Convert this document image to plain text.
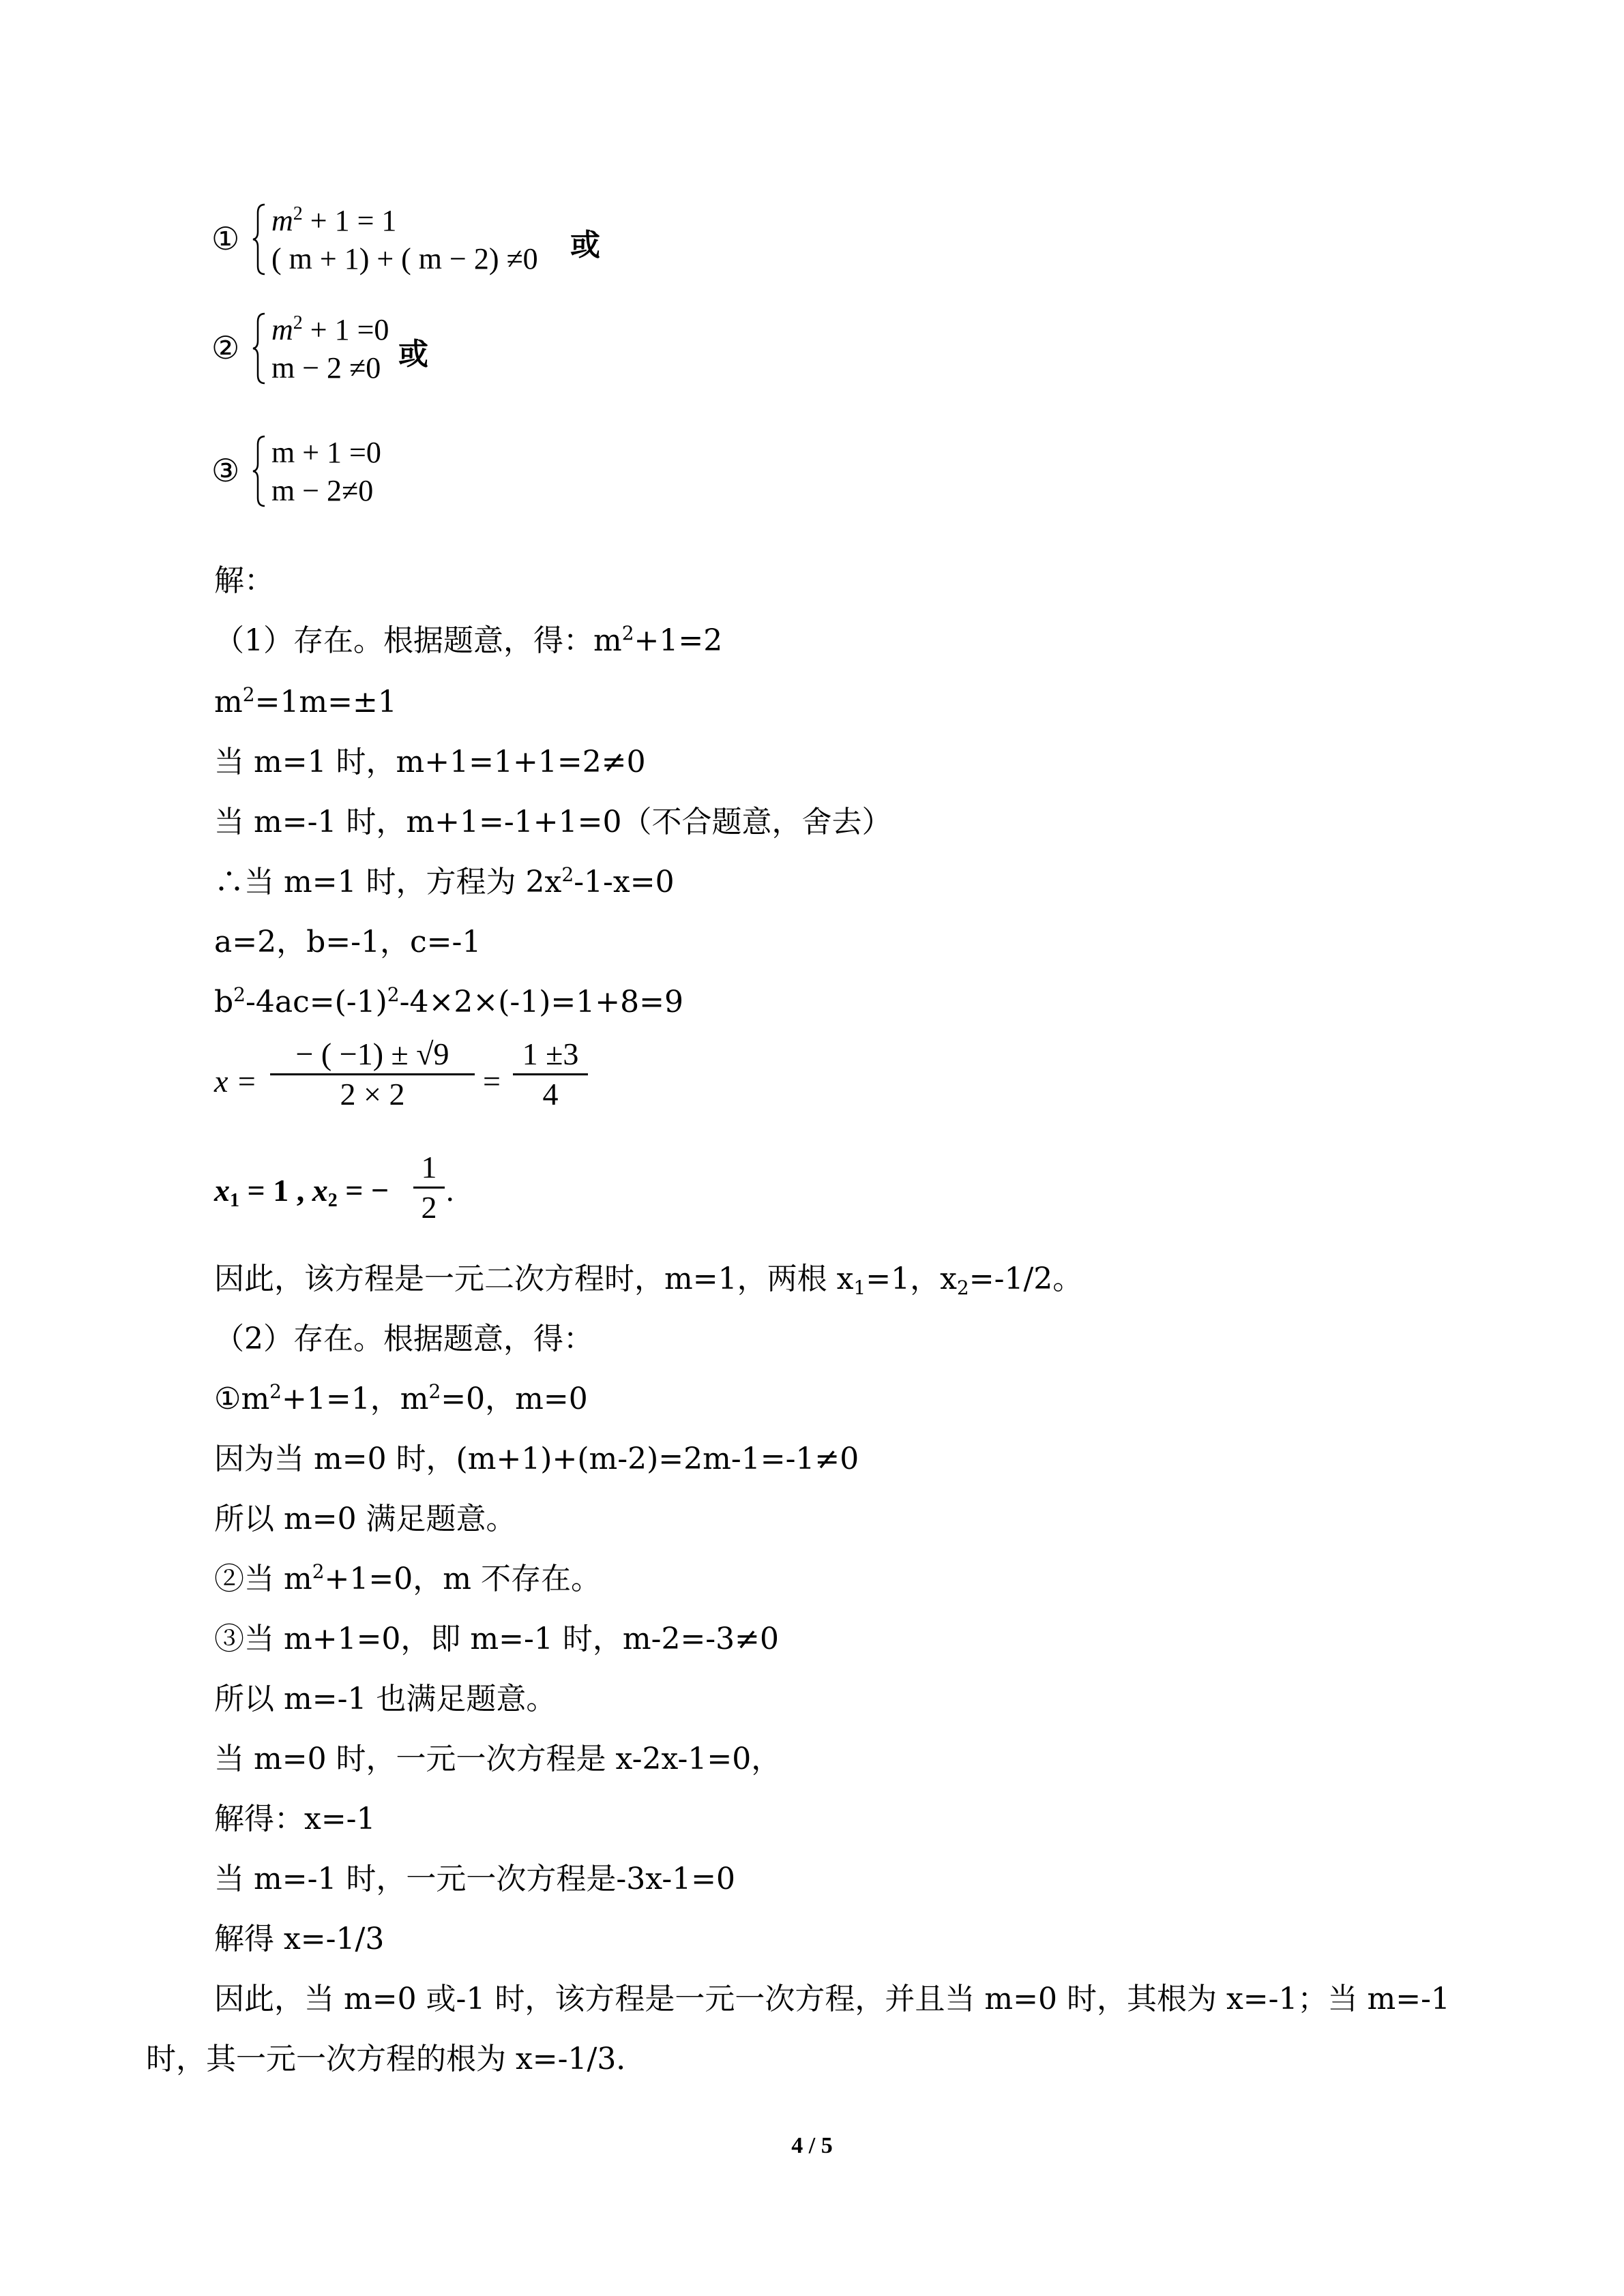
① $m^2 + 1 = 1$
( m + 1) + ( m − 2) ≠0 或
② $m^2 + 1 =0$
m − 2 ≠0 或
③ m + 1 =0
m − 2≠0
解：
（1）存在。根据题意，得：$m^2+1=2$
$m^2=1m=\pm 1$
当 m=1 时，m+1=1+1=2≠0
当 m=-1 时，m+1=-1+1=0（不合题意，舍去）
∴当 m=1 时，方程为 $2x^2-1-x=0$
a=2，b=-1，c=-1
$b^2-4ac=(-1)^2-4\times 2\times(-1)=1+8=9$
x =
− ( −1) ± √9
2 × 2	=
1 ±3
4
$x_1 = 1$ , $x_2$ = −
1
2 .
因此，该方程是一元二次方程时，m=1，两根 $x_1=1$，$x_2=-1/2$。
（2）存在。根据题意，得：
$①m^2+1=1$，$m^2=0$，m=0
因为当 m=0 时，(m+1)+(m-2)=2m-1=-1≠0
所以 m=0 满足题意。
②当 $m^2+1=0$，m 不存在。
③当 m+1=0，即 m=-1 时，m-2=-3≠0
所以 m=-1 也满足题意。
当 m=0 时，一元一次方程是 x-2x-1=0，
解得：x=-1
当 m=-1 时，一元一次方程是-3x-1=0
解得 x=-1/3
因此，当 m=0 或-1 时，该方程是一元一次方程，并且当 m=0 时，其根为 x=-1；当 m=-1
时，其一元一次方程的根为 x=-1/3．
4 / 5
